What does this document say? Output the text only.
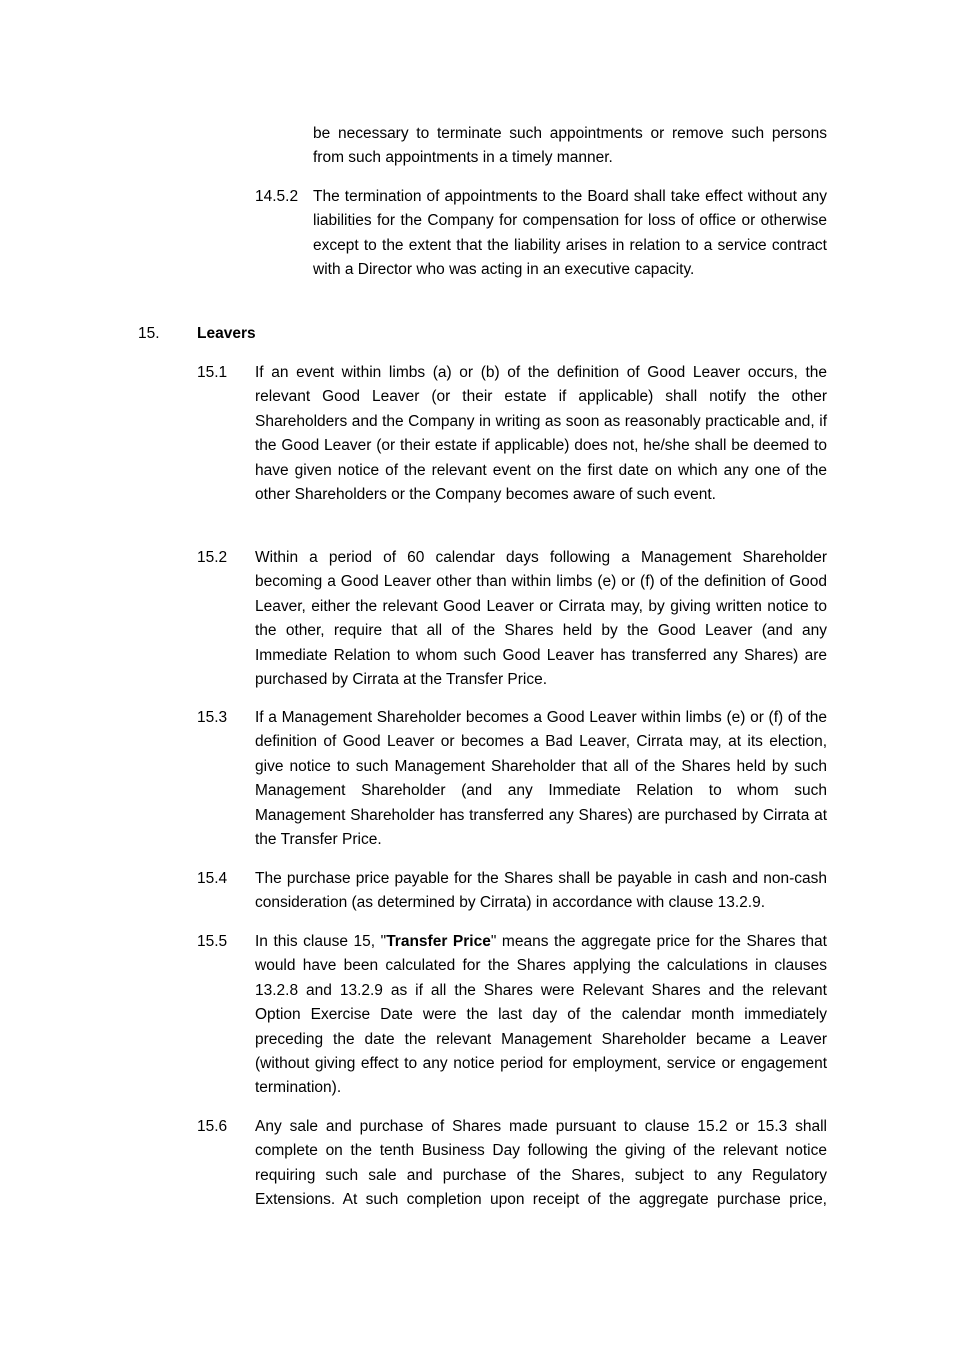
be necessary to terminate such appointments or remove such persons from such appointments in a timely manner.

14.5.2 The termination of appointments to the Board shall take effect without any liabilities for the Company for compensation for loss of office or otherwise except to the extent that the liability arises in relation to a service contract with a Director who was acting in an executive capacity.

15. Leavers
15.1 If an event within limbs (a) or (b) of the definition of Good Leaver occurs, the relevant Good Leaver (or their estate if applicable) shall notify the other Shareholders and the Company in writing as soon as reasonably practicable and, if the Good Leaver (or their estate if applicable) does not, he/she shall be deemed to have given notice of the relevant event on the first date on which any one of the other Shareholders or the Company becomes aware of such event.

15.2 Within a period of 60 calendar days following a Management Shareholder becoming a Good Leaver other than within limbs (e) or (f) of the definition of Good Leaver, either the relevant Good Leaver or Cirrata may, by giving written notice to the other, require that all of the Shares held by the Good Leaver (and any Immediate Relation to whom such Good Leaver has transferred any Shares) are purchased by Cirrata at the Transfer Price.

15.3 If a Management Shareholder becomes a Good Leaver within limbs (e) or (f) of the definition of Good Leaver or becomes a Bad Leaver, Cirrata may, at its election, give notice to such Management Shareholder that all of the Shares held by such Management Shareholder (and any Immediate Relation to whom such Management Shareholder has transferred any Shares) are purchased by Cirrata at the Transfer Price.

15.4 The purchase price payable for the Shares shall be payable in cash and non-cash consideration (as determined by Cirrata) in accordance with clause 13.2.9.

15.5 In this clause 15, "Transfer Price" means the aggregate price for the Shares that would have been calculated for the Shares applying the calculations in clauses 13.2.8 and 13.2.9 as if all the Shares were Relevant Shares and the relevant Option Exercise Date were the last day of the calendar month immediately preceding the date the relevant Management Shareholder became a Leaver (without giving effect to any notice period for employment, service or engagement termination).

15.6 Any sale and purchase of Shares made pursuant to clause 15.2 or 15.3 shall complete on the tenth Business Day following the giving of the relevant notice requiring such sale and purchase of the Shares, subject to any Regulatory Extensions. At such completion upon receipt of the aggregate purchase price,
